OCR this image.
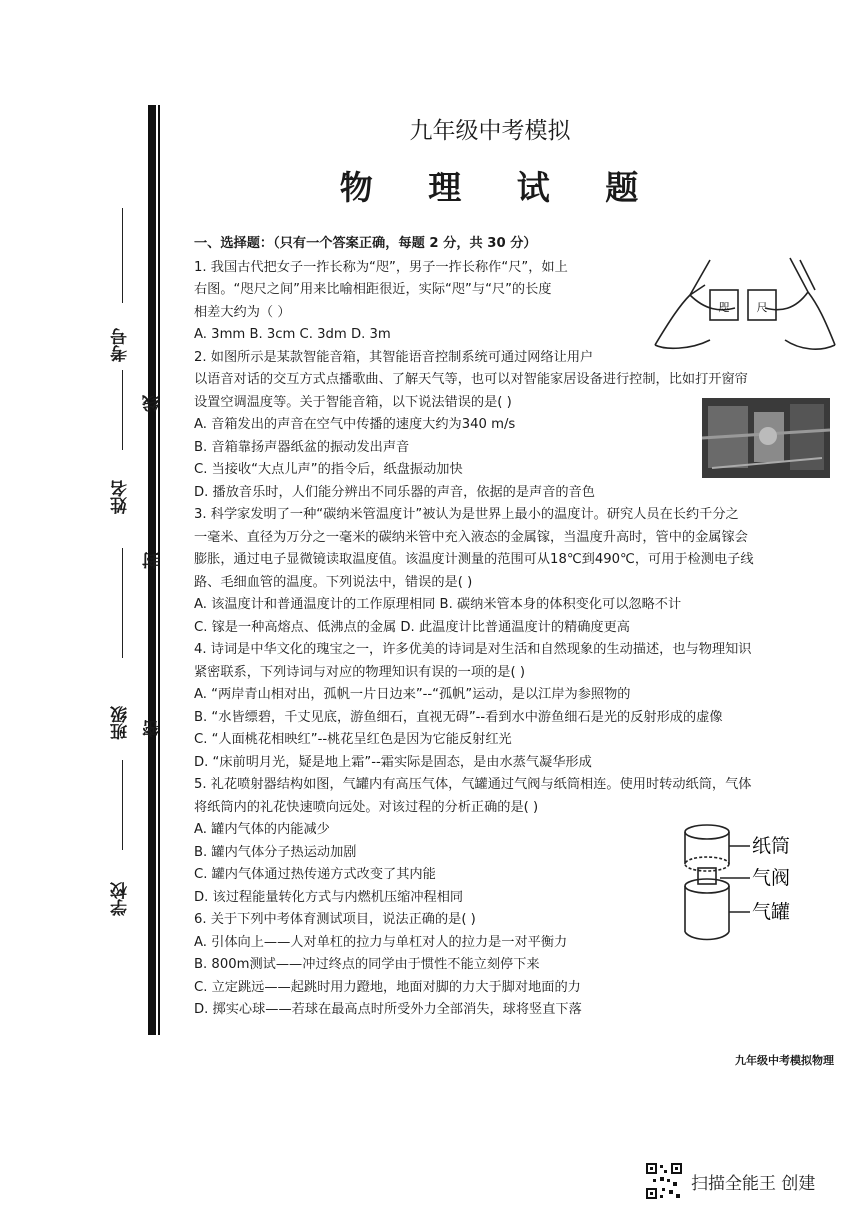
考号
线
姓名
封
班级 密
学校
九年级中考模拟
物 理 试 题

一、选择题：（只有一个答案正确，每题 2 分，共 30 分）

1. 我国古代把女子一拃长称为“咫”，男子一拃长称作“尺”，如上

右图。“咫尺之间”用来比喻相距很近，实际“咫”与“尺”的长度

相差大约为（ ）

A. 3mm B. 3cm C. 3dm D. 3m

2. 如图所示是某款智能音箱，其智能语音控制系统可通过网络让用户

以语音对话的交互方式点播歌曲、了解天气等，也可以对智能家居设备进行控制，比如打开窗帘

设置空调温度等。关于智能音箱，以下说法错误的是( )

A. 音箱发出的声音在空气中传播的速度大约为340 m/s

B. 音箱靠扬声器纸盆的振动发出声音

C. 当接收“大点儿声”的指令后，纸盘振动加快

D. 播放音乐时，人们能分辨出不同乐器的声音，依据的是声音的音色

3. 科学家发明了一种“碳纳米管温度计”被认为是世界上最小的温度计。研究人员在长约千分之

一毫米、直径为万分之一毫米的碳纳米管中充入液态的金属镓，当温度升高时，管中的金属镓会

膨胀，通过电子显微镜读取温度值。该温度计测量的范围可从18℃到490℃，可用于检测电子线

路、毛细血管的温度。下列说法中，错误的是( )

A. 该温度计和普通温度计的工作原理相同 B. 碳纳米管本身的体积变化可以忽略不计

C. 镓是一种高熔点、低沸点的金属 D. 此温度计比普通温度计的精确度更高

4. 诗词是中华文化的瑰宝之一，许多优美的诗词是对生活和自然现象的生动描述，也与物理知识

紧密联系，下列诗词与对应的物理知识有误的一项的是( )

A. “两岸青山相对出，孤帆一片日边来”--“孤帆”运动，是以江岸为参照物的

B. “水皆缥碧，千丈见底，游鱼细石，直视无碍”--看到水中游鱼细石是光的反射形成的虚像

C. “人面桃花相映红”--桃花呈红色是因为它能反射红光

D. “床前明月光，疑是地上霜”--霜实际是固态，是由水蒸气凝华形成

5. 礼花喷射器结构如图，气罐内有高压气体，气罐通过气阀与纸筒相连。使用时转动纸筒，气体

将纸筒内的礼花快速喷向远处。对该过程的分析正确的是( )

A. 罐内气体的内能减少

B. 罐内气体分子热运动加剧

C. 罐内气体通过热传递方式改变了其内能

D. 该过程能量转化方式与内燃机压缩冲程相同

6. 关于下列中考体育测试项目，说法正确的是( )

A. 引体向上——人对单杠的拉力与单杠对人的拉力是一对平衡力

B. 800m测试——冲过终点的同学由于惯性不能立刻停下来

C. 立定跳远——起跳时用力蹬地，地面对脚的力大于脚对地面的力

D. 掷实心球——若球在最高点时所受外力全部消失，球将竖直下落

咫 尺
纸筒
气阀
气罐
九年级中考模拟物理
扫描全能王 创建
